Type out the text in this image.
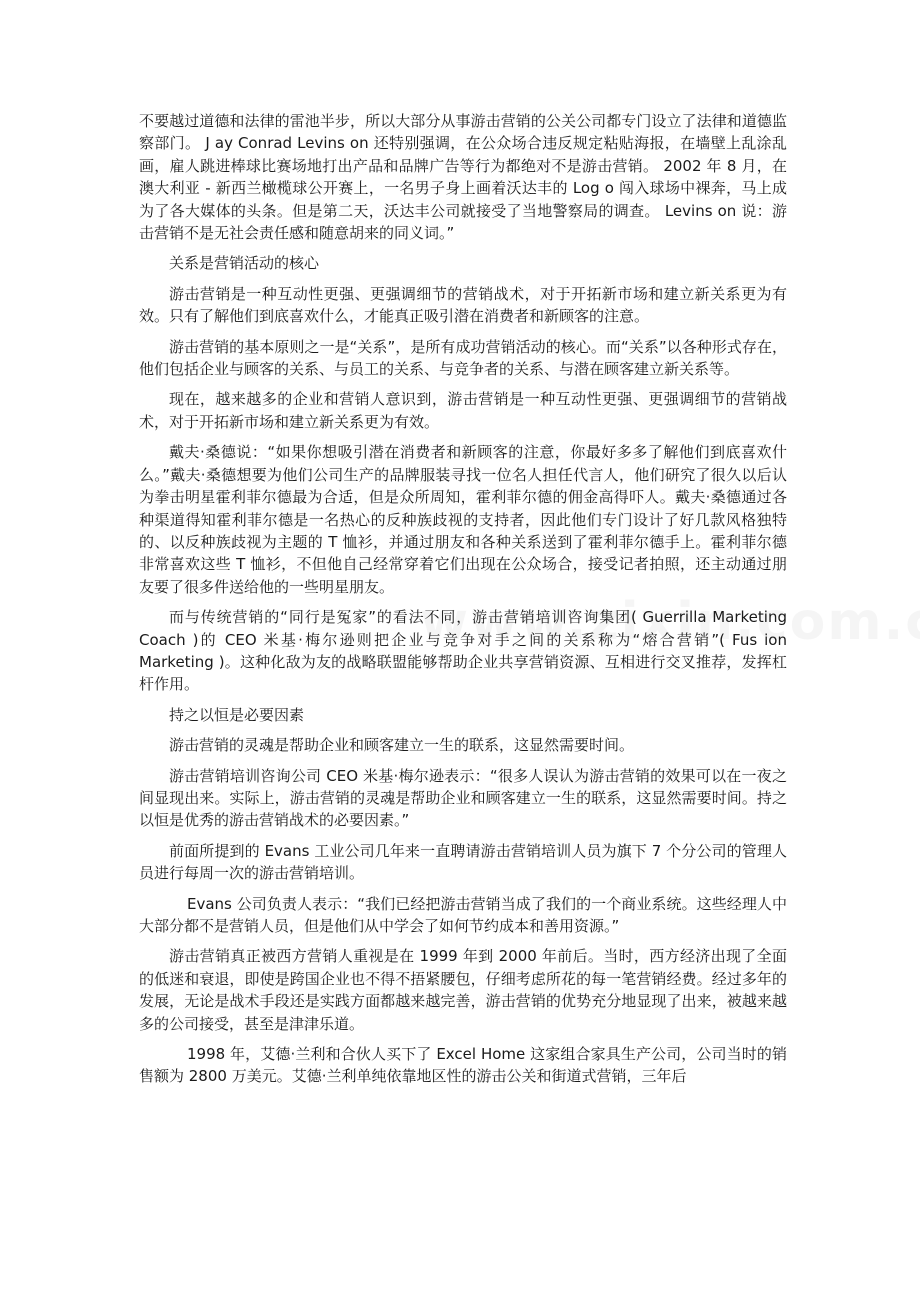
不要越过道德和法律的雷池半步，所以大部分从事游击营销的公关公司都专门设立了法律和道德监察部门。 J ay Conrad Levins on 还特别强调，在公众场合违反规定粘贴海报，在墙壁上乱涂乱画，雇人跳进棒球比赛场地打出产品和品牌广告等行为都绝对不是游击营销。 2002 年 8 月，在澳大利亚 - 新西兰橄榄球公开赛上，一名男子身上画着沃达丰的 Log o 闯入球场中裸奔，马上成为了各大媒体的头条。但是第二天，沃达丰公司就接受了当地警察局的调查。 Levins on 说：游击营销不是无社会责任感和随意胡来的同义词。”

关系是营销活动的核心

游击营销是一种互动性更强、更强调细节的营销战术，对于开拓新市场和建立新关系更为有效。只有了解他们到底喜欢什么，才能真正吸引潜在消费者和新顾客的注意。

游击营销的基本原则之一是“关系”，是所有成功营销活动的核心。而“关系”以各种形式存在，他们包括企业与顾客的关系、与员工的关系、与竞争者的关系、与潜在顾客建立新关系等。

现在，越来越多的企业和营销人意识到，游击营销是一种互动性更强、更强调细节的营销战术，对于开拓新市场和建立新关系更为有效。

戴夫·桑德说：“如果你想吸引潜在消费者和新顾客的注意，你最好多多了解他们到底喜欢什么。”戴夫·桑德想要为他们公司生产的品牌服装寻找一位名人担任代言人，他们研究了很久以后认为拳击明星霍利菲尔德最为合适，但是众所周知，霍利菲尔德的佣金高得吓人。戴夫·桑德通过各种渠道得知霍利菲尔德是一名热心的反种族歧视的支持者，因此他们专门设计了好几款风格独特的、以反种族歧视为主题的 T 恤衫，并通过朋友和各种关系送到了霍利菲尔德手上。霍利菲尔德非常喜欢这些 T 恤衫，不但他自己经常穿着它们出现在公众场合，接受记者拍照，还主动通过朋友要了很多件送给他的一些明星朋友。

而与传统营销的“同行是冤家”的看法不同，游击营销培训咨询集团( Guerrilla Marketing Coach )的 CEO 米基·梅尔逊则把企业与竞争对手之间的关系称为“熔合营销”( Fus ion Marketing )。这种化敌为友的战略联盟能够帮助企业共享营销资源、互相进行交叉推荐，发挥杠杆作用。

持之以恒是必要因素

游击营销的灵魂是帮助企业和顾客建立一生的联系，这显然需要时间。

游击营销培训咨询公司 CEO 米基·梅尔逊表示：“很多人误认为游击营销的效果可以在一夜之间显现出来。实际上，游击营销的灵魂是帮助企业和顾客建立一生的联系，这显然需要时间。持之以恒是优秀的游击营销战术的必要因素。”

前面所提到的 Evans 工业公司几年来一直聘请游击营销培训人员为旗下 7 个分公司的管理人员进行每周一次的游击营销培训。

Evans 公司负责人表示：“我们已经把游击营销当成了我们的一个商业系统。这些经理人中大部分都不是营销人员，但是他们从中学会了如何节约成本和善用资源。”

游击营销真正被西方营销人重视是在 1999 年到 2000 年前后。当时，西方经济出现了全面的低迷和衰退，即使是跨国企业也不得不捂紧腰包，仔细考虑所花的每一笔营销经费。经过多年的发展，无论是战术手段还是实践方面都越来越完善，游击营销的优势充分地显现了出来，被越来越多的公司接受，甚至是津津乐道。

1998 年，艾德·兰利和合伙人买下了 Excel Home 这家组合家具生产公司，公司当时的销售额为 2800 万美元。艾德·兰利单纯依靠地区性的游击公关和街道式营销，三年后
